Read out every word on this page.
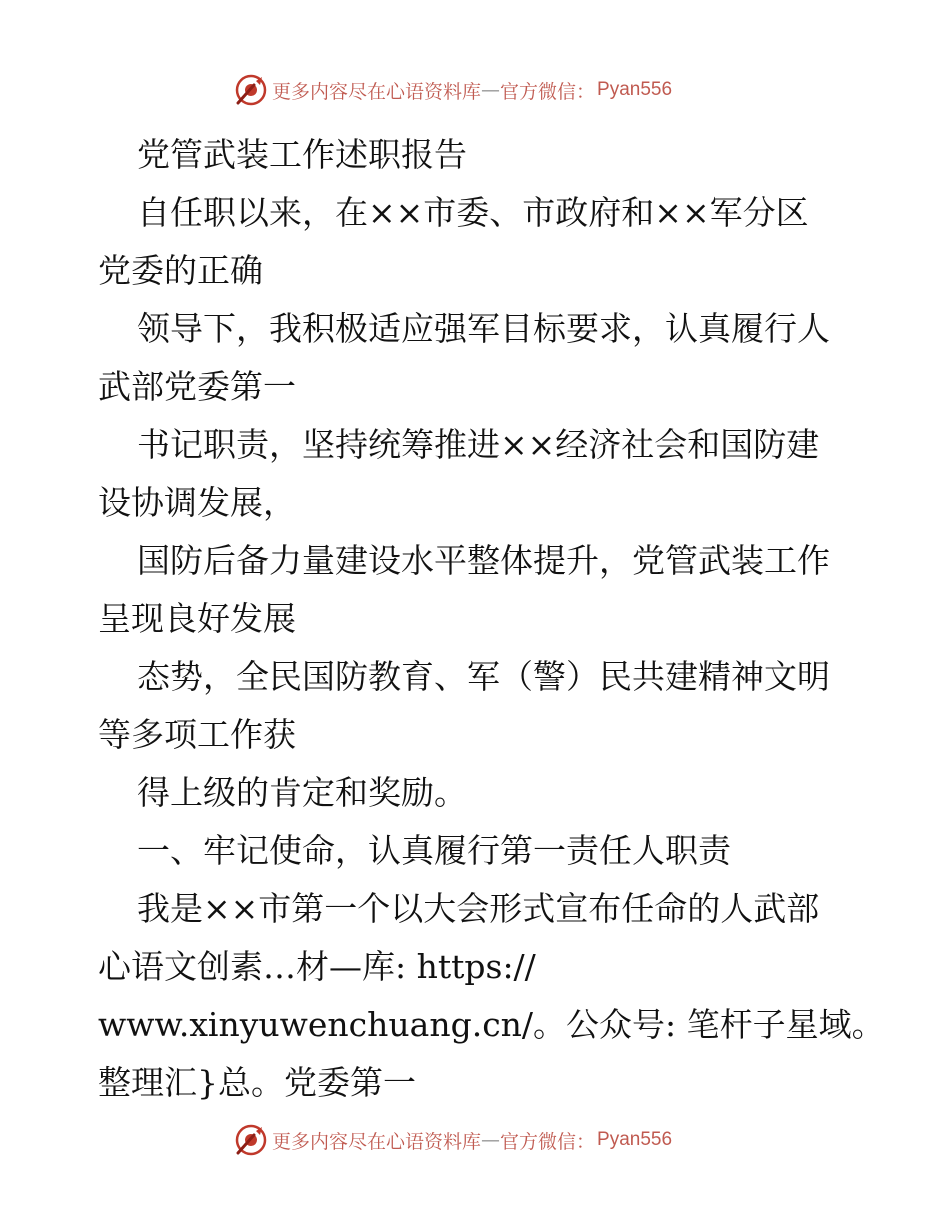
更多内容尽在心语资料库 — 官方微信： Pyan556
党管武装工作述职报告
自任职以来，在××市委、市政府和××军分区
党委的正确
领导下，我积极适应强军目标要求，认真履行人
武部党委第一
书记职责，坚持统筹推进××经济社会和国防建
设协调发展，
国防后备力量建设水平整体提升，党管武装工作
呈现良好发展
态势，全民国防教育、军（警）民共建精神文明
等多项工作获
得上级的肯定和奖励。
一、牢记使命，认真履行第一责任人职责
我是××市第一个以大会形式宣布任命的人武部
心语文创素…材—库: https://
www.xinyuwenchuang.cn/。公众号: 笔杆子星域。
整理汇}总。党委第一
更多内容尽在心语资料库 — 官方微信： Pyan556
